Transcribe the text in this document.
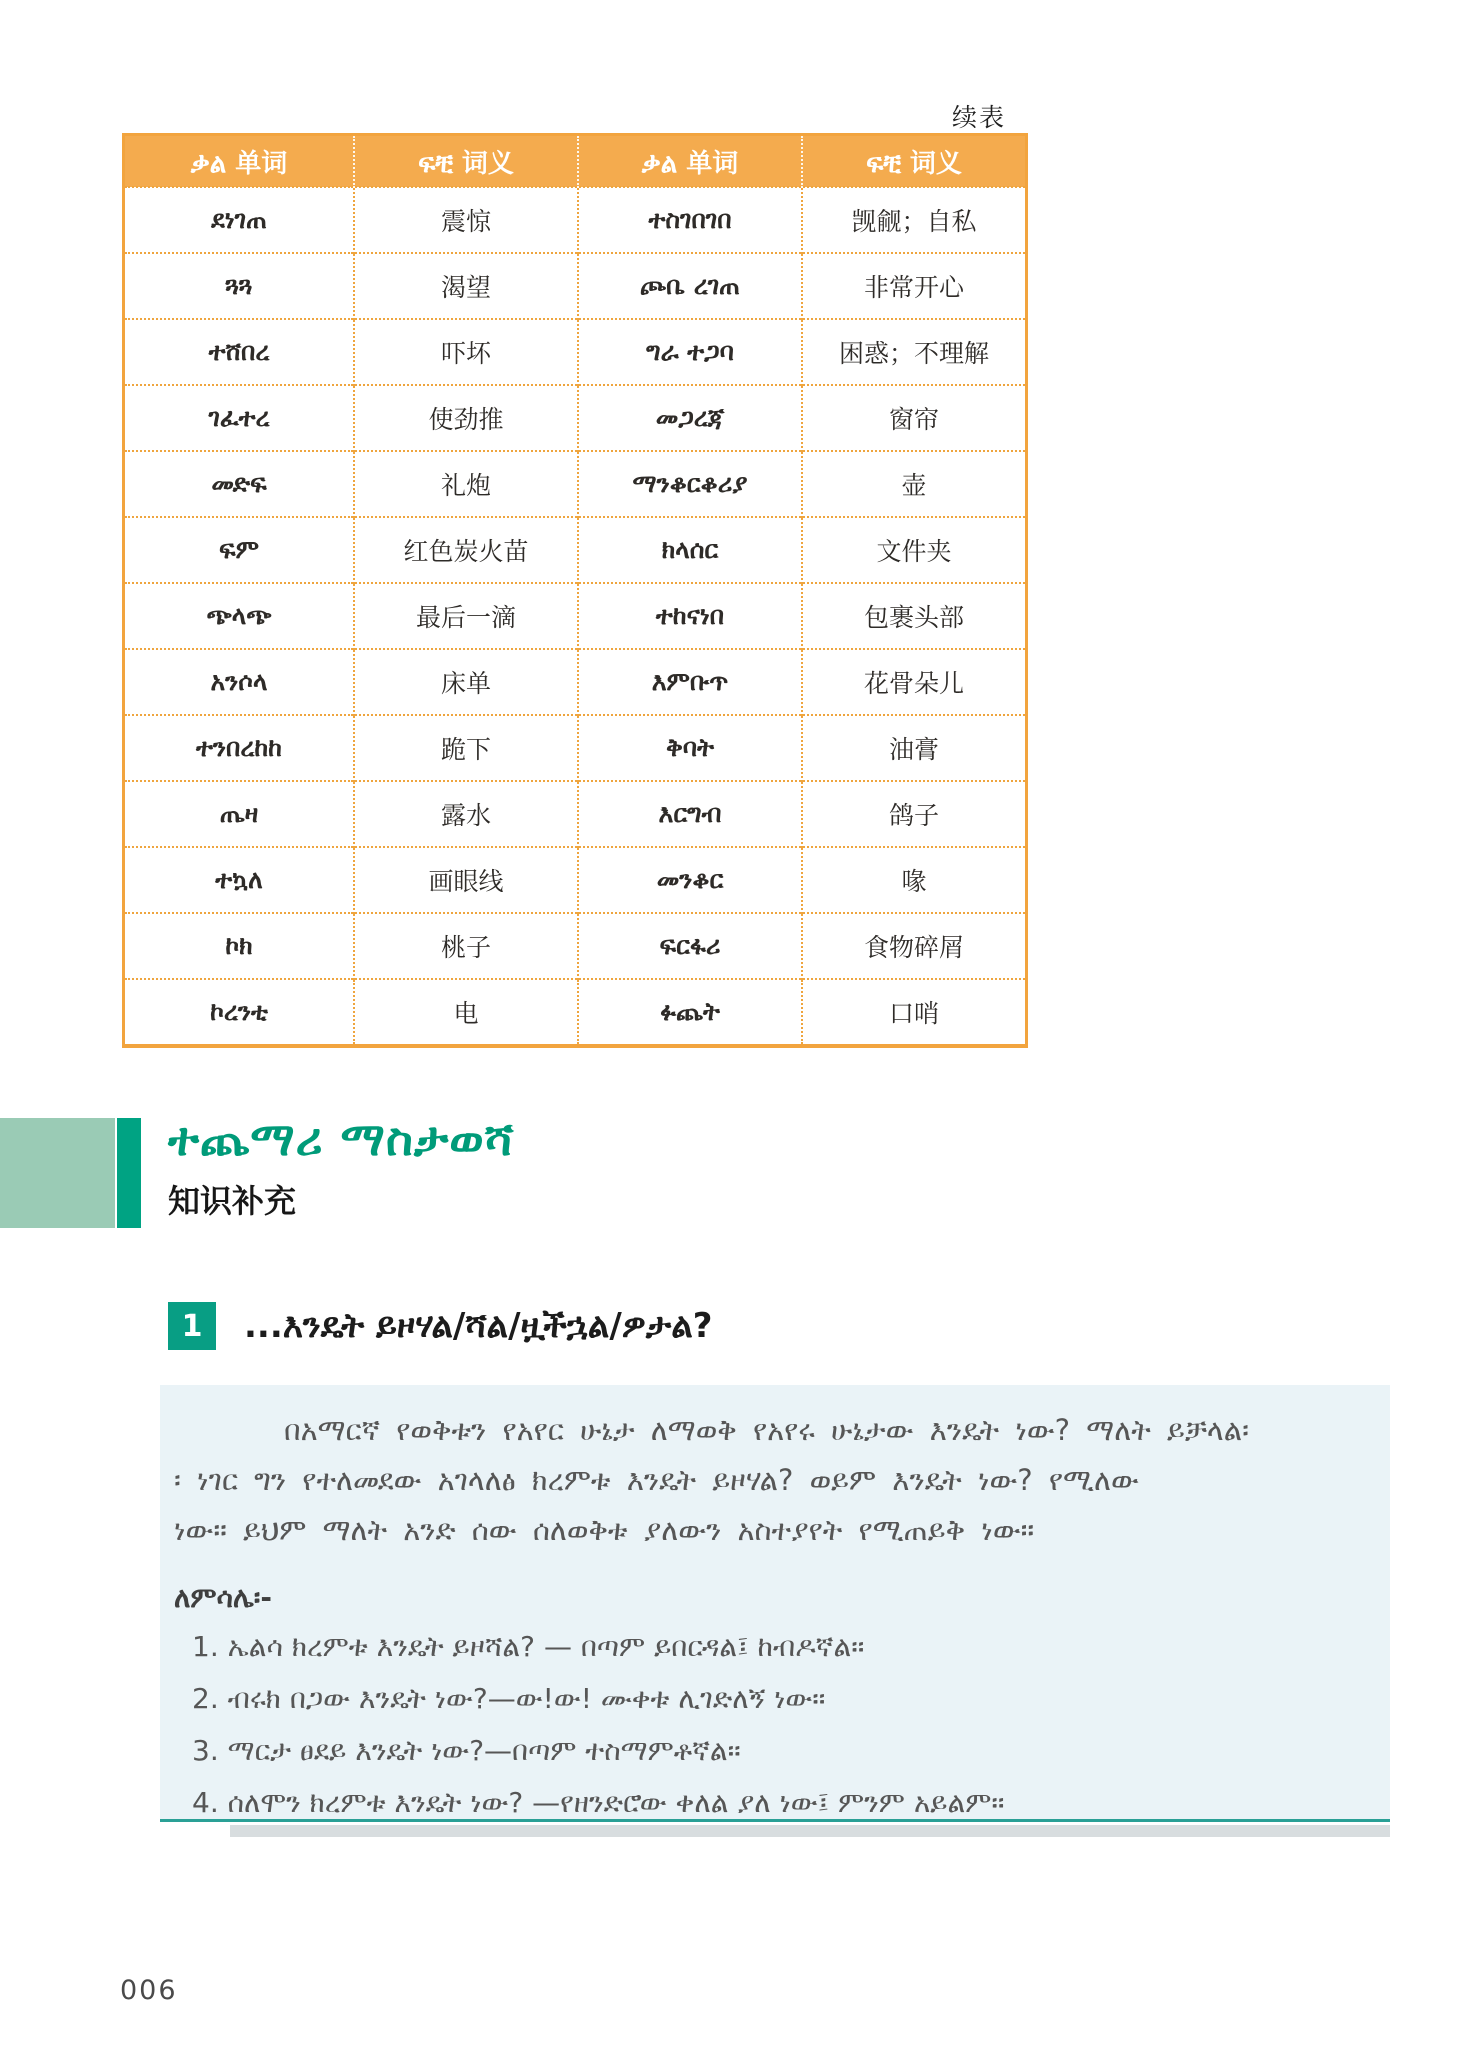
续表
ቃል 单词	ፍቺ 词义	ቃል 单词	ፍቺ 词义
ደነገጠ	震惊	ተስገበገበ	觊觎；自私
ጓጓ	渴望	ጮቤ ረገጠ	非常开心
ተሸበረ	吓坏	ግራ ተጋባ	困惑；不理解
ገፈተረ	使劲推	መጋረጃ	窗帘
መድፍ	礼炮	ማንቆርቆሪያ	壶
ፍም	红色炭火苗	ክላሰር	文件夹
ጭላጭ	最后一滴	ተከናነበ	包裹头部
አንሶላ	床单	እምቡጥ	花骨朵儿
ተንበረከከ	跪下	ቅባት	油膏
ጤዛ	露水	እርግብ	鸽子
ተኳለ	画眼线	መንቆር	喙
ኮክ	桃子	ፍርፋሪ	食物碎屑
ኮረንቲ	电	ፉጨት	口哨
ተጨማሪ ማስታወሻ
知识补充
1	...እንዴት ይዞሃል/ሻል/ዟችኋል/ዎታል?
በአማርኛ የወቅቱን የአየር ሁኔታ ለማወቅ የአየሩ ሁኔታው እንዴት ነው? ማለት ይቻላል፡
፡ ነገር ግን የተለመደው አገላለፅ ክረምቱ እንዴት ይዞሃል? ወይም እንዴት ነው? የሚለው
ነው። ይህም ማለት አንድ ሰው ሰለወቅቱ ያለውን አስተያየት የሚጠይቅ ነው።
ለምሳሌ፡-
1. ኤልሳ ክረምቱ እንዴት ይዞሻል? — በጣም ይበርዳል፤ ከብዶኛል።
2. ብሩክ በጋው እንዴት ነው?—ው!ው! ሙቀቱ ሊገድለኝ ነው።
3. ማርታ ፀደይ እንዴት ነው?—በጣም ተስማምቶኛል።
4. ሰለሞን ክረምቱ እንዴት ነው? —የዘንድሮው ቀለል ያለ ነው፤ ምንም አይልም።
006
